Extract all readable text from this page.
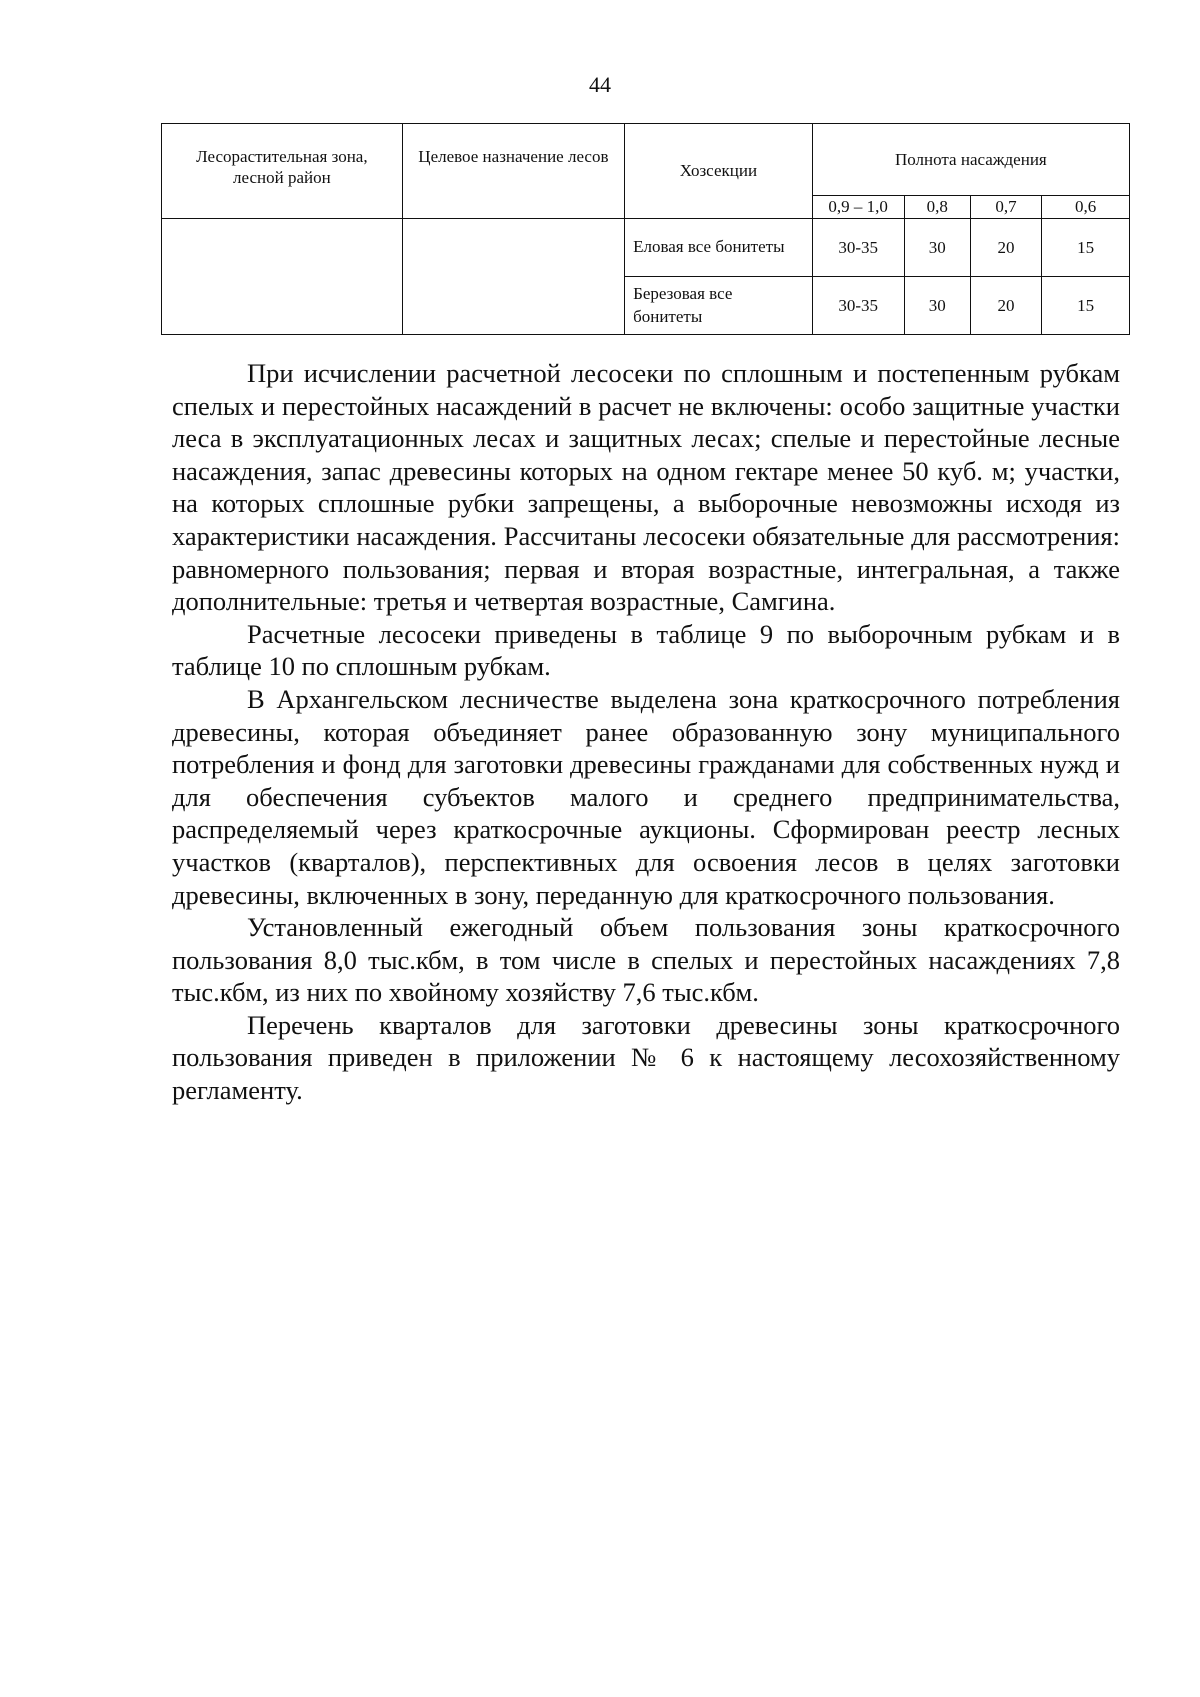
44
Лесорастительная зона, лесной район	Целевое назначение лесов	Хозсекции	Полнота насаждения			
			0,9 – 1,0	0,8	0,7	0,6
		Еловая все бонитеты	30-35	30	20	15
		Березовая все бонитеты	30-35	30	20	15

При исчислении расчетной лесосеки по сплошным и постепенным рубкам спелых и перестойных насаждений в расчет не включены: особо защитные участки леса в эксплуатационных лесах и защитных лесах; спелые и перестойные лесные насаждения, запас древесины которых на одном гектаре менее 50 куб. м; участки, на которых сплошные рубки запрещены, а выборочные невозможны исходя из характеристики насаждения. Рассчитаны лесосеки обязательные для рассмотрения: равномерного пользования; первая и вторая возрастные, интегральная, а также дополнительные: третья и четвертая возрастные, Самгина.

Расчетные лесосеки приведены в таблице 9 по выборочным рубкам и в таблице 10 по сплошным рубкам.

В Архангельском лесничестве выделена зона краткосрочного потребления древесины, которая объединяет ранее образованную зону муниципального потребления и фонд для заготовки древесины гражданами для собственных нужд и для обеспечения субъектов малого и среднего предпринимательства, распределяемый через краткосрочные аукционы. Сформирован реестр лесных участков (кварталов), перспективных для освоения лесов в целях заготовки древесины, включенных в зону, переданную для краткосрочного пользования.

Установленный ежегодный объем пользования зоны краткосрочного пользования 8,0 тыс.кбм, в том числе в спелых и перестойных насаждениях 7,8 тыс.кбм, из них по хвойному хозяйству 7,6 тыс.кбм.

Перечень кварталов для заготовки древесины зоны краткосрочного пользования приведен в приложении № 6 к настоящему лесохозяйственному регламенту.
